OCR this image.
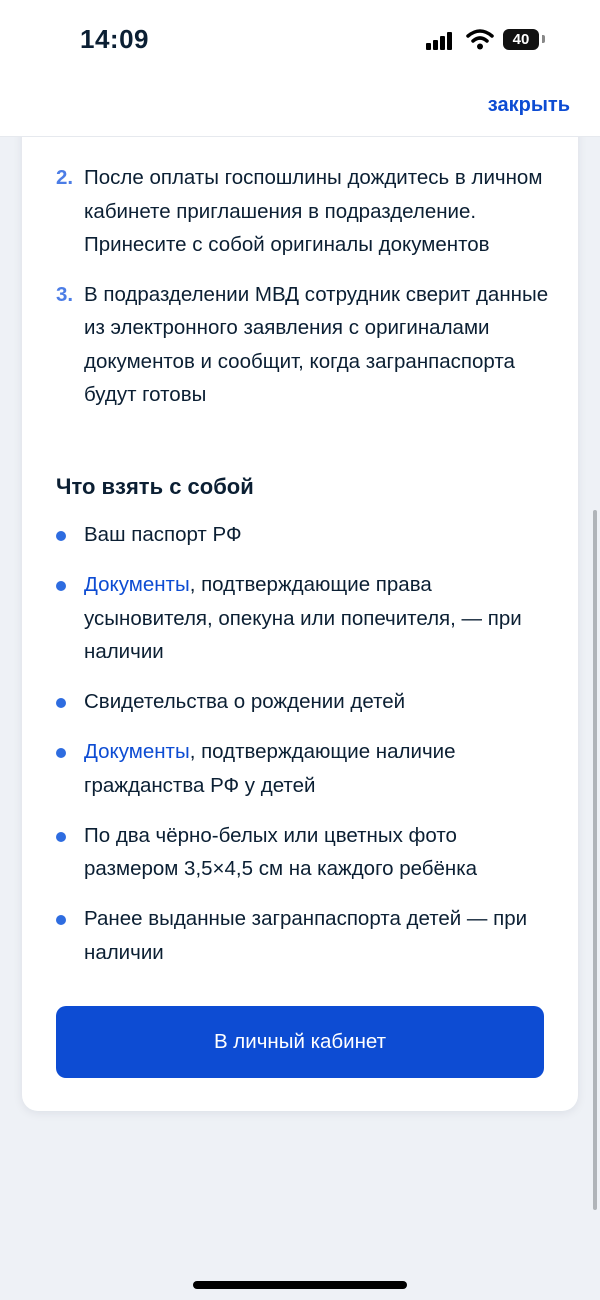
14:09	40
закрыть
2. После оплаты госпошлины дождитесь в личном кабинете приглашения в подразделение. Принесите с собой оригиналы документов
3. В подразделении МВД сотрудник сверит данные из электронного заявления с оригиналами документов и сообщит, когда загранпаспорта будут готовы
Что взять с собой
Ваш паспорт РФ
Документы, подтверждающие права усыновителя, опекуна или попечителя, — при наличии
Свидетельства о рождении детей
Документы, подтверждающие наличие гражданства РФ у детей
По два чёрно-белых или цветных фото размером 3,5×4,5 см на каждого ребёнка
Ранее выданные загранпаспорта детей — при наличии
В личный кабинет
